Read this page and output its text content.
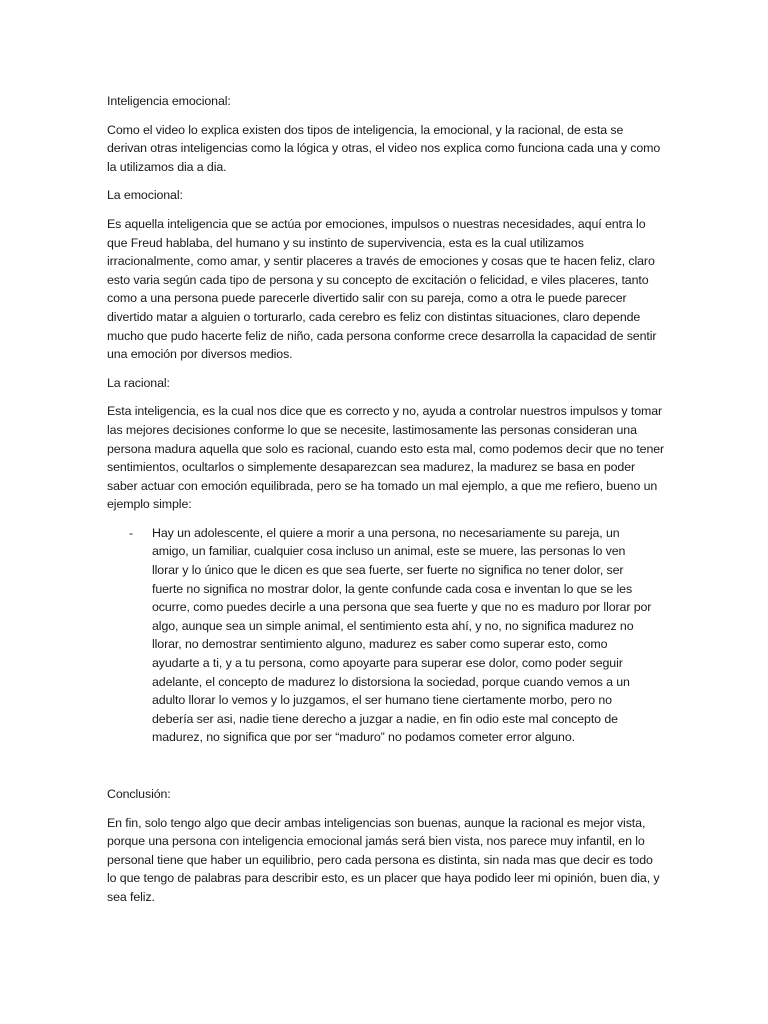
Inteligencia emocional:

Como el video lo explica existen dos tipos de inteligencia, la emocional, y la racional, de esta se derivan otras inteligencias como la lógica y otras, el video nos explica como funciona cada una y como la utilizamos dia a dia.

La emocional:

Es aquella inteligencia que se actúa por emociones, impulsos o nuestras necesidades, aquí entra lo que Freud hablaba, del humano y su instinto de supervivencia, esta es la cual utilizamos irracionalmente, como amar, y sentir placeres a través de emociones y cosas que te hacen feliz, claro esto varia según cada tipo de persona y su concepto de excitación o felicidad, e viles placeres, tanto como a una persona puede parecerle divertido salir con su pareja, como a otra le puede parecer divertido matar a alguien o torturarlo, cada cerebro es feliz con distintas situaciones, claro depende mucho que pudo hacerte feliz de niño, cada persona conforme crece desarrolla la capacidad de sentir una emoción por diversos medios.

La racional:

Esta inteligencia, es la cual nos dice que es correcto y no, ayuda a controlar nuestros impulsos y tomar las mejores decisiones conforme lo que se necesite, lastimosamente las personas consideran una persona madura aquella que solo es racional, cuando esto esta mal, como podemos decir que no tener sentimientos, ocultarlos o simplemente desaparezcan sea madurez, la madurez se basa en poder saber actuar con emoción equilibrada, pero se ha tomado un mal ejemplo, a que me refiero, bueno un ejemplo simple:

- Hay un adolescente, el quiere a morir a una persona, no necesariamente su pareja, un amigo, un familiar, cualquier cosa incluso un animal, este se muere, las personas lo ven llorar y lo único que le dicen es que sea fuerte, ser fuerte no significa no tener dolor, ser fuerte no significa no mostrar dolor, la gente confunde cada cosa e inventan lo que se les ocurre, como puedes decirle a una persona que sea fuerte y que no es maduro por llorar por algo, aunque sea un simple animal, el sentimiento esta ahí, y no, no significa madurez no llorar, no demostrar sentimiento alguno, madurez es saber como superar esto, como ayudarte a ti, y a tu persona, como apoyarte para superar ese dolor, como poder seguir adelante, el concepto de madurez lo distorsiona la sociedad, porque cuando vemos a un adulto llorar lo vemos y lo juzgamos, el ser humano tiene ciertamente morbo, pero no debería ser asi, nadie tiene derecho a juzgar a nadie, en fin odio este mal concepto de madurez, no significa que por ser “maduro” no podamos cometer error alguno.

Conclusión:

En fin, solo tengo algo que decir ambas inteligencias son buenas, aunque la racional es mejor vista, porque una persona con inteligencia emocional jamás será bien vista, nos parece muy infantil, en lo personal tiene que haber un equilibrio, pero cada persona es distinta, sin nada mas que decir es todo lo que tengo de palabras para describir esto, es un placer que haya podido leer mi opinión, buen dia, y sea feliz.
